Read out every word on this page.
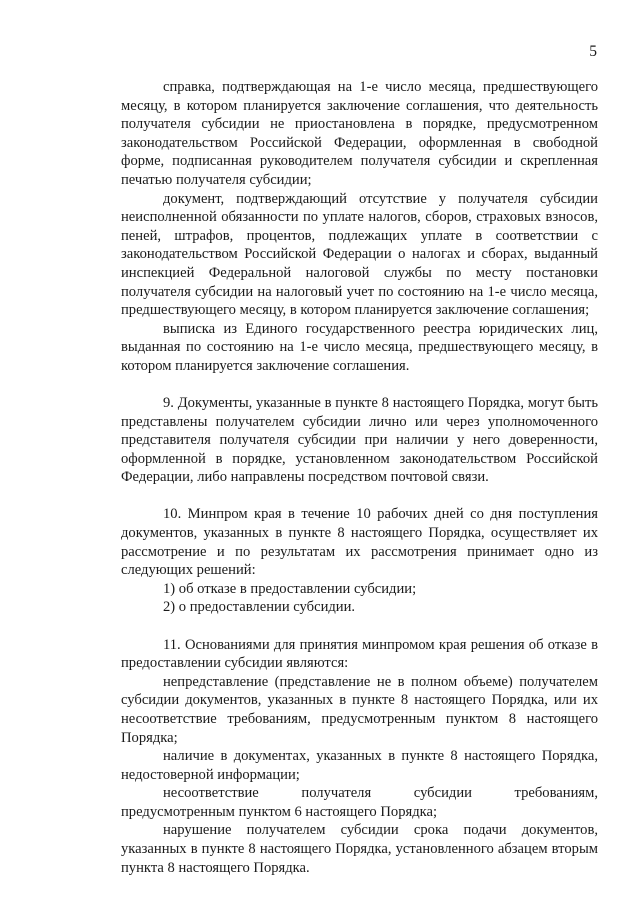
5

справка, подтверждающая на 1-е число месяца, предшествующего месяцу, в котором планируется заключение соглашения, что деятельность получателя субсидии не приостановлена в порядке, предусмотренном законодательством Российской Федерации, оформленная в свободной форме, подписанная руководителем получателя субсидии и скрепленная печатью получателя субсидии;

документ, подтверждающий отсутствие у получателя субсидии неисполненной обязанности по уплате налогов, сборов, страховых взносов, пеней, штрафов, процентов, подлежащих уплате в соответствии с законодательством Российской Федерации о налогах и сборах, выданный инспекцией Федеральной налоговой службы по месту постановки получателя субсидии на налоговый учет по состоянию на 1-е число месяца, предшествующего месяцу, в котором планируется заключение соглашения;

выписка из Единого государственного реестра юридических лиц, выданная по состоянию на 1-е число месяца, предшествующего месяцу, в котором планируется заключение соглашения.

9. Документы, указанные в пункте 8 настоящего Порядка, могут быть представлены получателем субсидии лично или через уполномоченного представителя получателя субсидии при наличии у него доверенности, оформленной в порядке, установленном законодательством Российской Федерации, либо направлены посредством почтовой связи.

10. Минпром края в течение 10 рабочих дней со дня поступления документов, указанных в пункте 8 настоящего Порядка, осуществляет их рассмотрение и по результатам их рассмотрения принимает одно из следующих решений:

1) об отказе в предоставлении субсидии;

2) о предоставлении субсидии.

11. Основаниями для принятия минпромом края решения об отказе в предоставлении субсидии являются:

непредставление (представление не в полном объеме) получателем субсидии документов, указанных в пункте 8 настоящего Порядка, или их несоответствие требованиям, предусмотренным пунктом 8 настоящего Порядка;

наличие в документах, указанных в пункте 8 настоящего Порядка, недостоверной информации;

несоответствие получателя субсидии требованиям, предусмотренным пунктом 6 настоящего Порядка;

нарушение получателем субсидии срока подачи документов, указанных в пункте 8 настоящего Порядка, установленного абзацем вторым пункта 8 настоящего Порядка.
